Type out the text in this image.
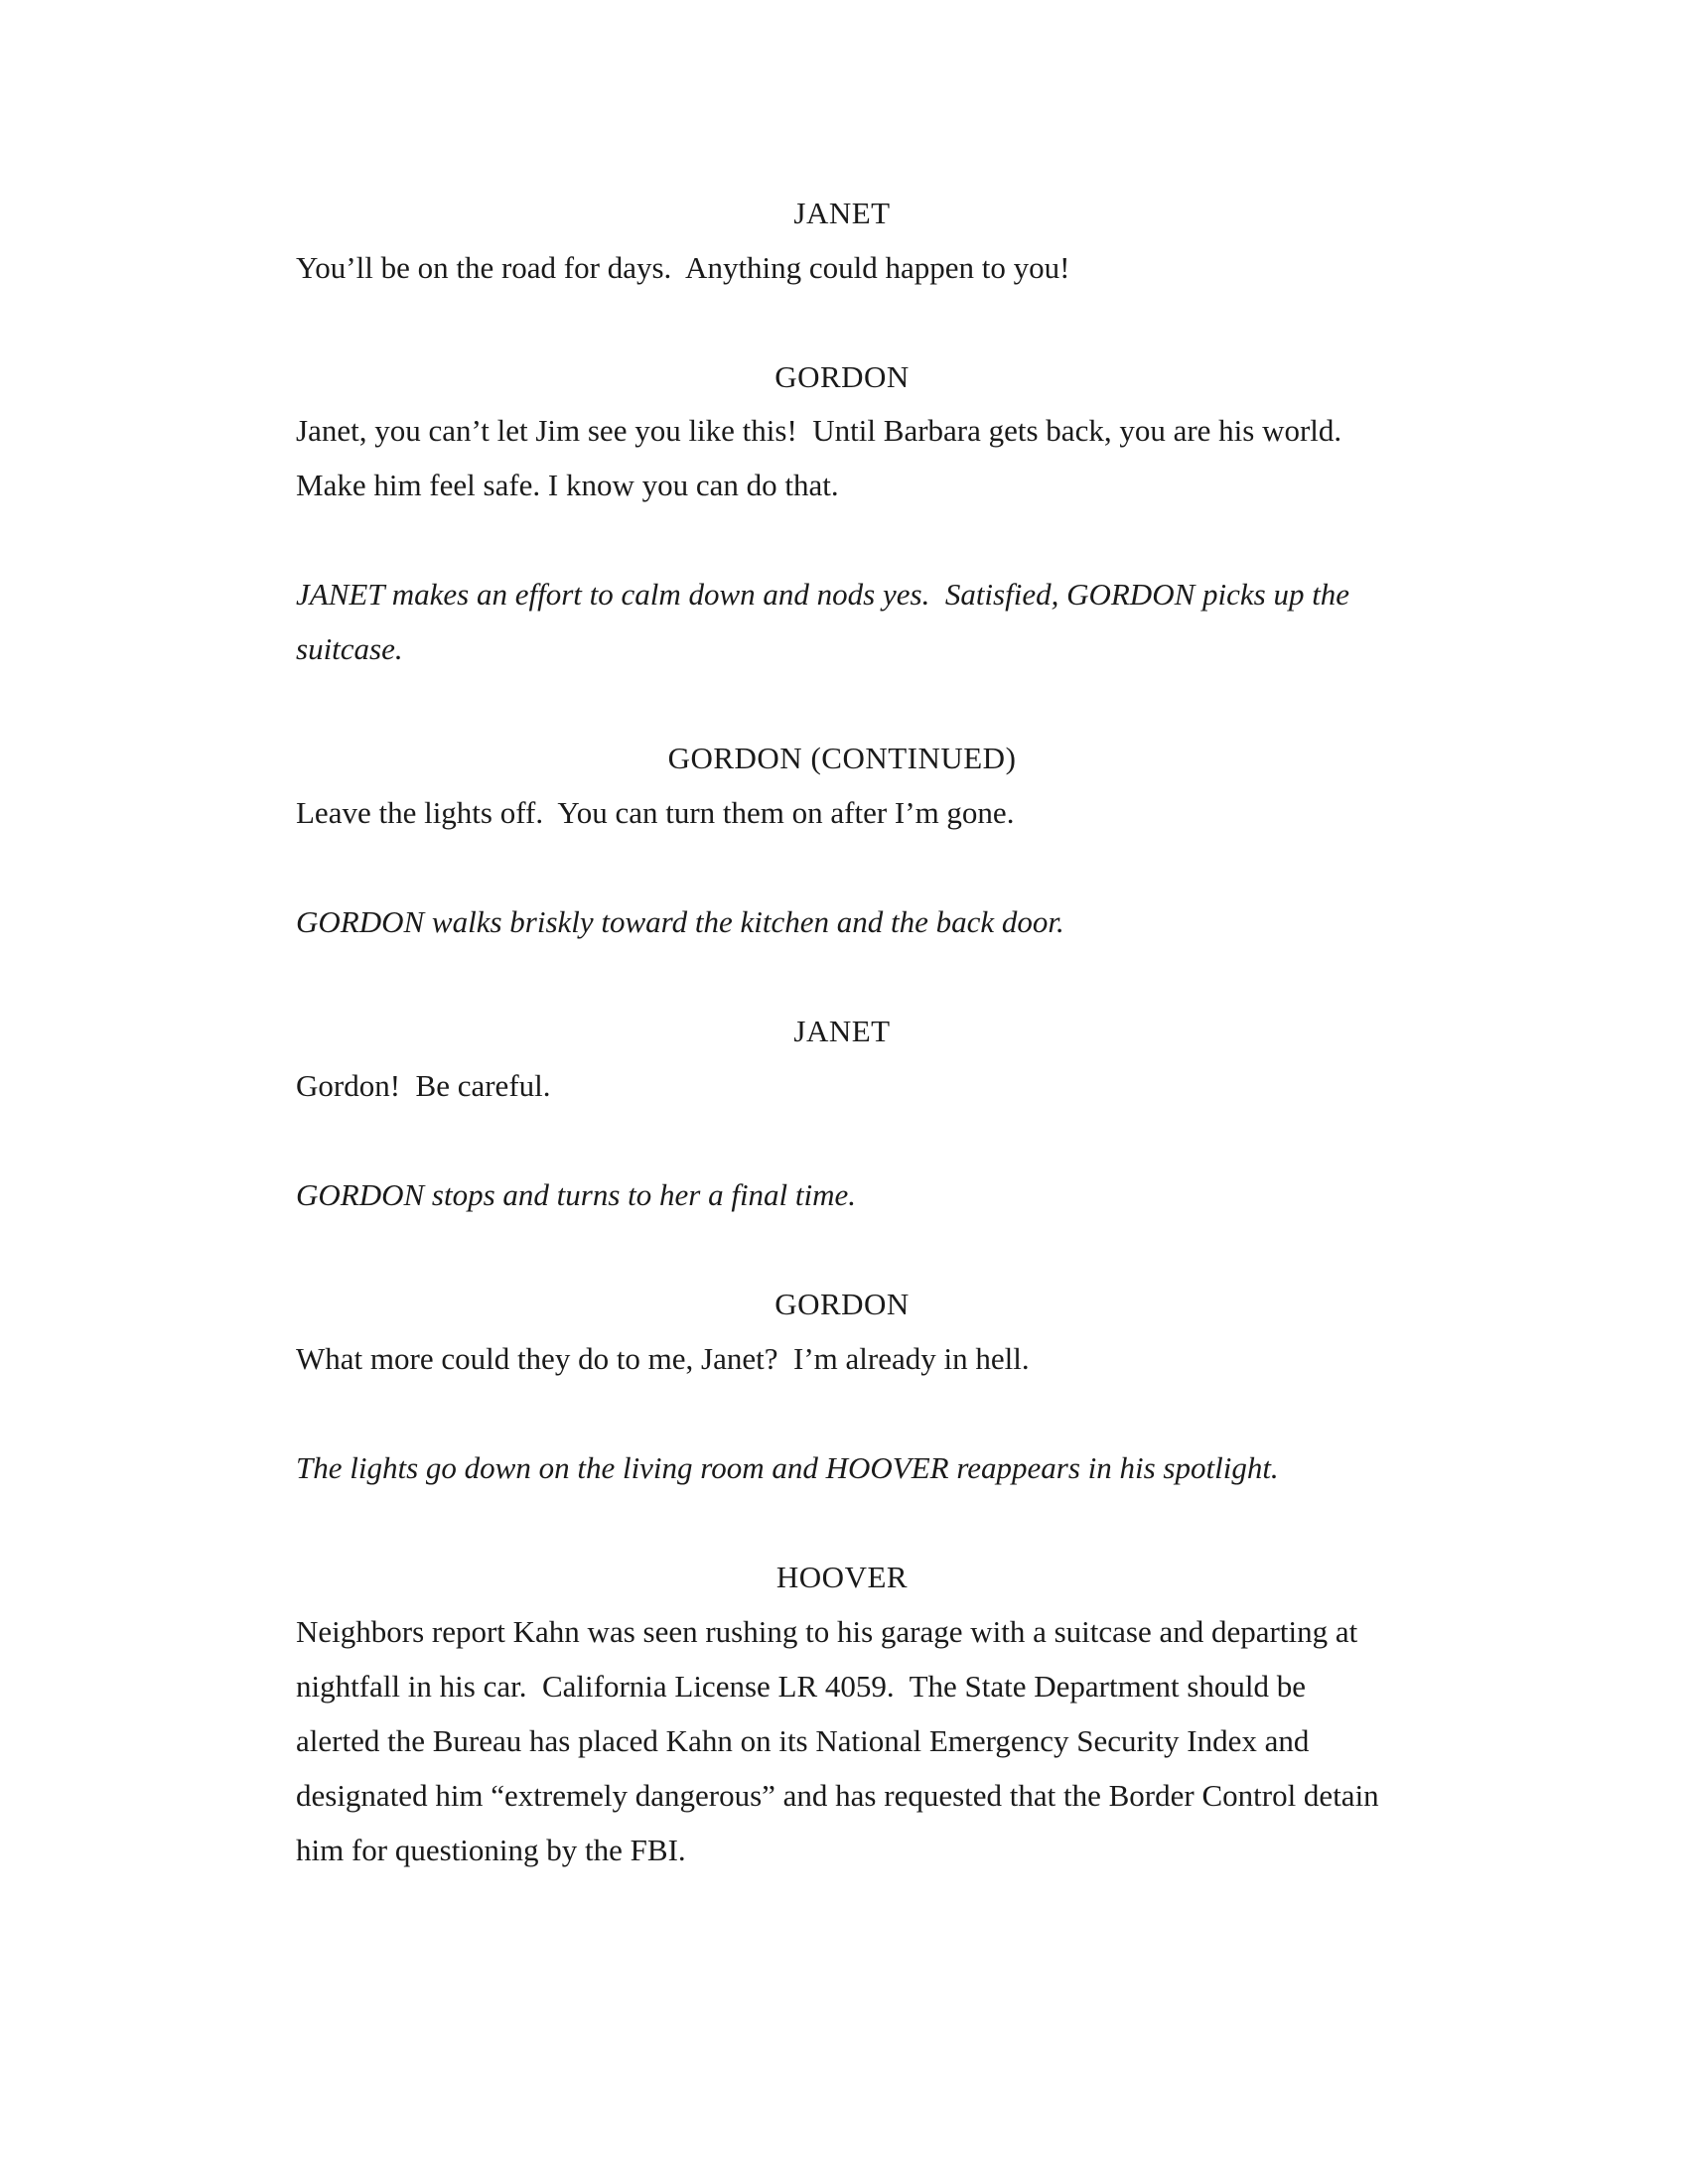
JANET
You’ll be on the road for days.  Anything could happen to you!
GORDON
Janet, you can’t let Jim see you like this!  Until Barbara gets back, you are his world.  Make him feel safe. I know you can do that.
JANET makes an effort to calm down and nods yes.  Satisfied, GORDON picks up the suitcase.
GORDON (CONTINUED)
Leave the lights off.  You can turn them on after I’m gone.
GORDON walks briskly toward the kitchen and the back door.
JANET
Gordon!  Be careful.
GORDON stops and turns to her a final time.
GORDON
What more could they do to me, Janet?  I’m already in hell.
The lights go down on the living room and HOOVER reappears in his spotlight.
HOOVER
Neighbors report Kahn was seen rushing to his garage with a suitcase and departing at nightfall in his car.  California License LR 4059.  The State Department should be alerted the Bureau has placed Kahn on its National Emergency Security Index and designated him “extremely dangerous” and has requested that the Border Control detain him for questioning by the FBI.
